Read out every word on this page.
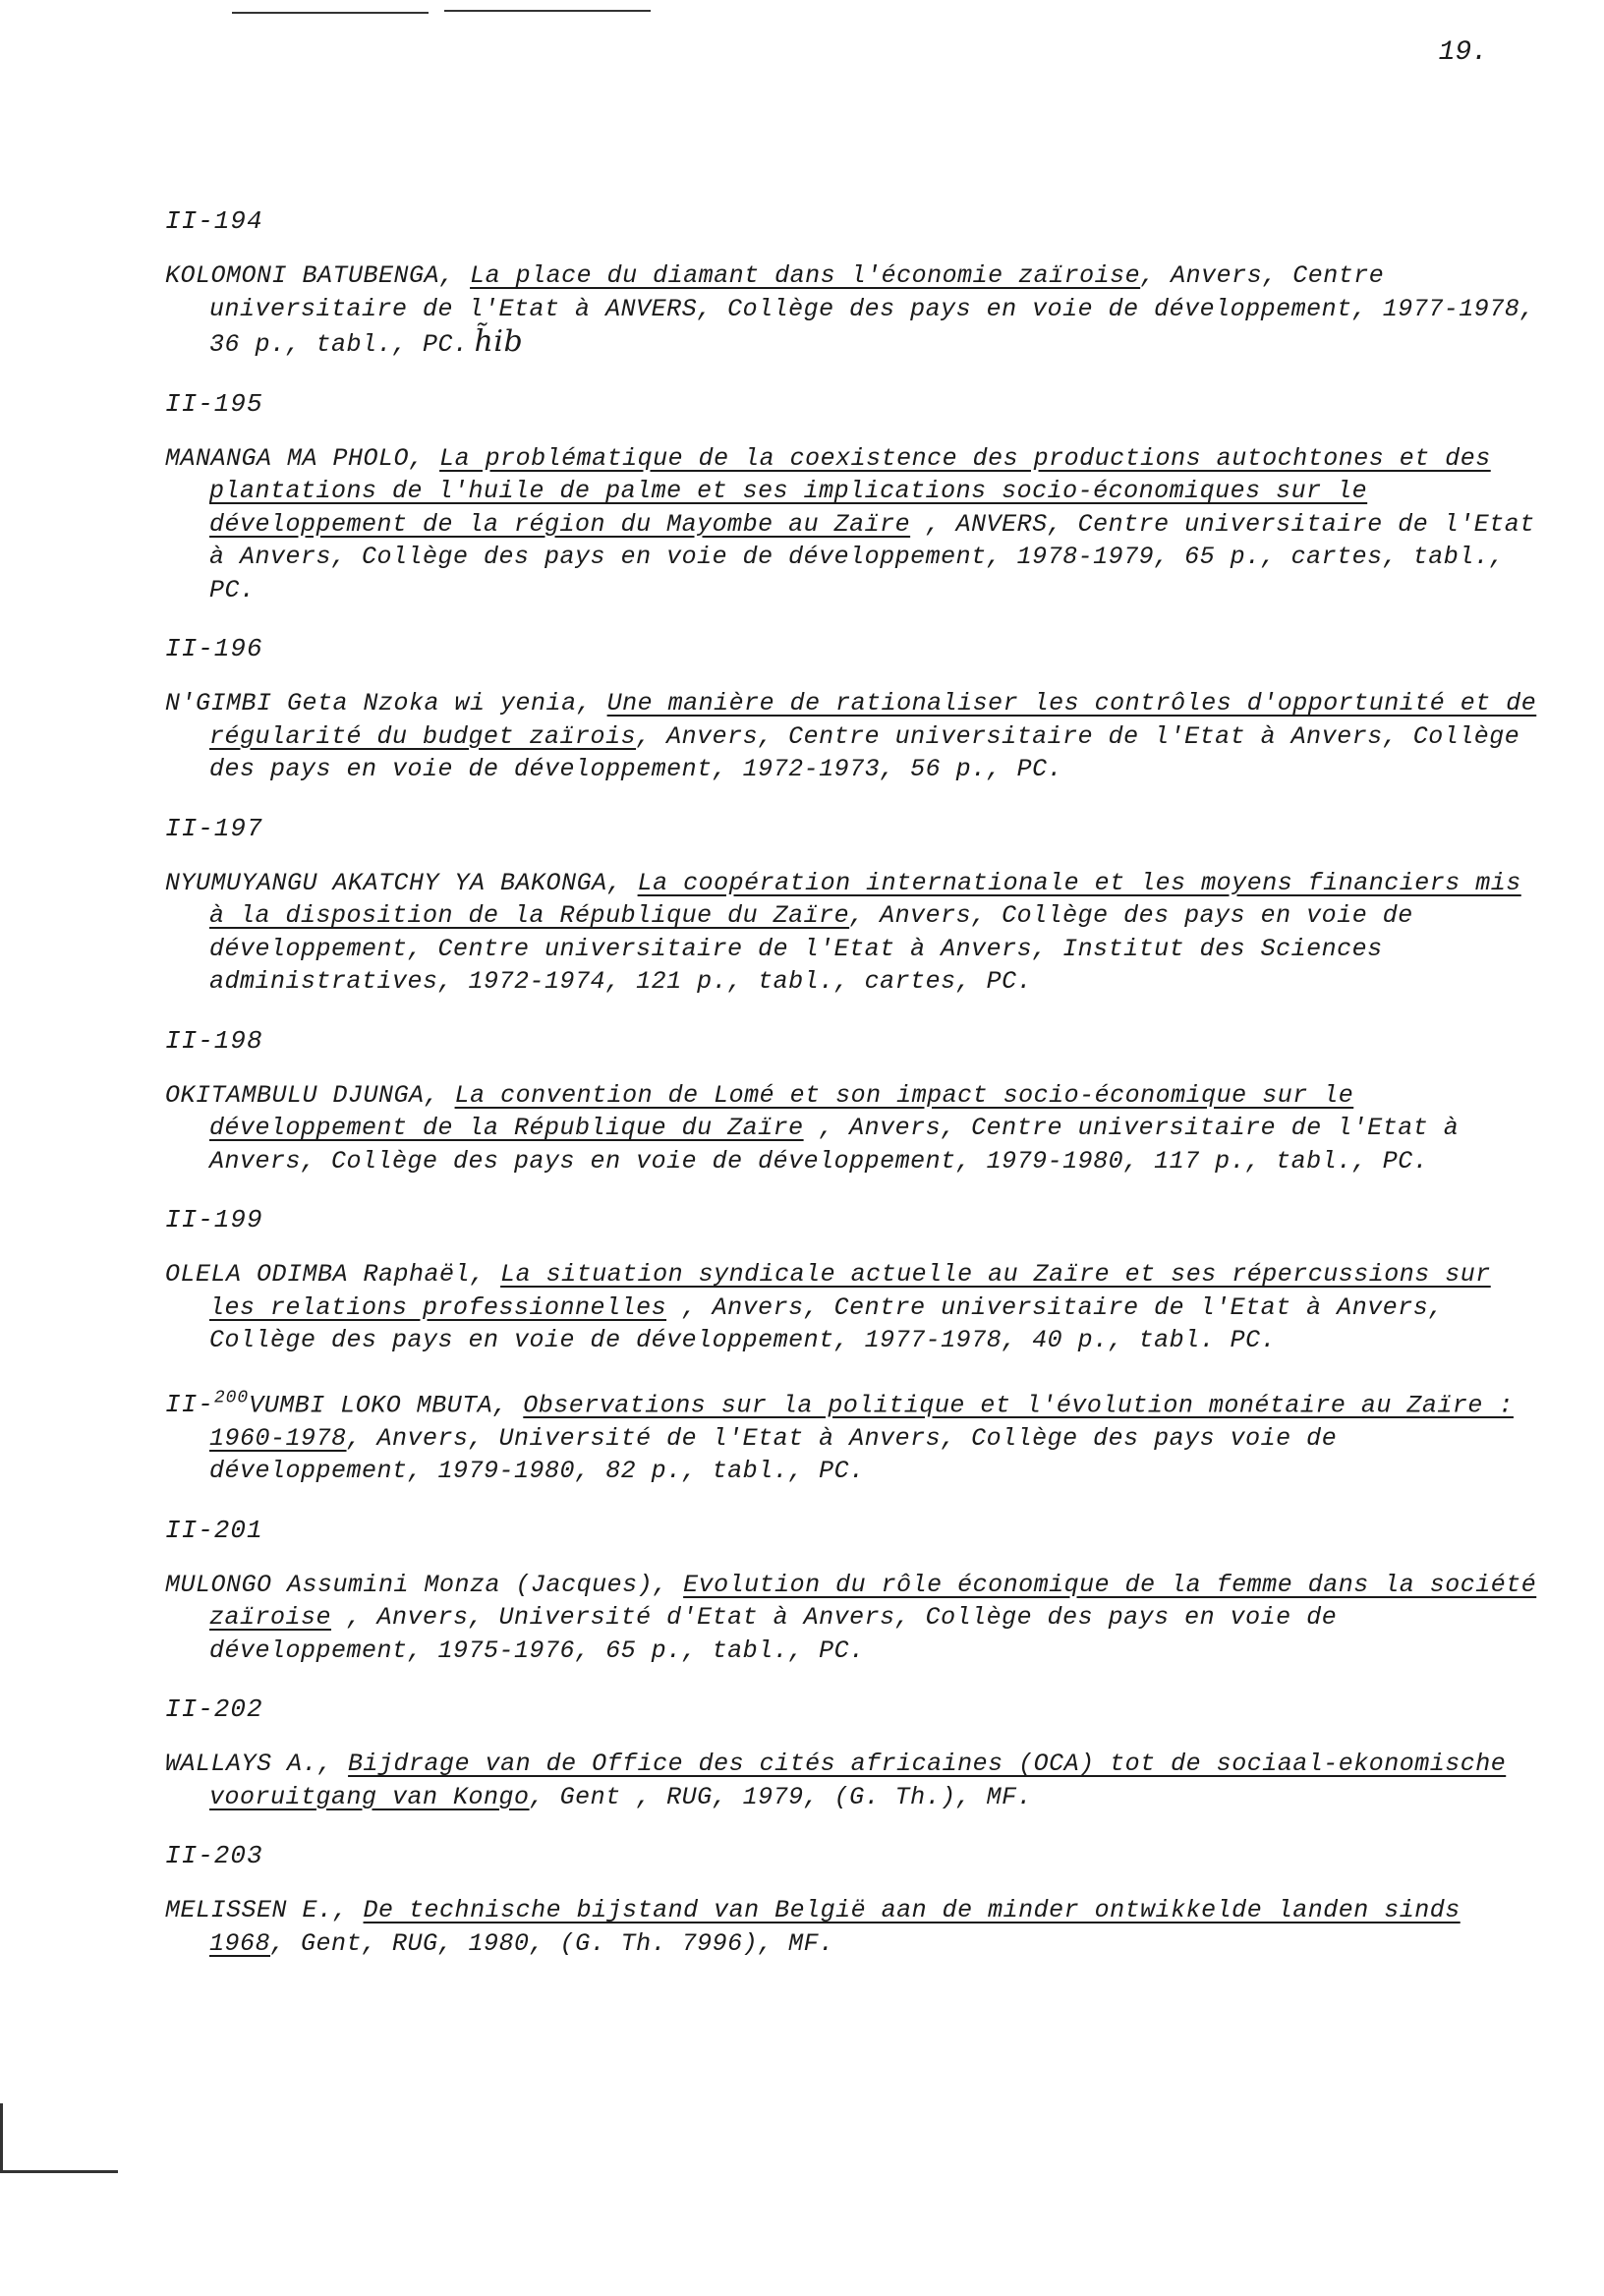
19.
II-194
KOLOMONI BATUBENGA, La place du diamant dans l'économie zaïroise, Anvers, Centre universitaire de l'Etat à ANVERS, Collège des pays en voie de développement, 1977-1978, 36 p., tabl., PC. h̃ib
II-195
MANANGA MA PHOLO, La problématique de la coexistence des productions autochtones et des plantations de l'huile de palme et ses implications socio-économiques sur le développement de la région du Mayombe au Zaïre , ANVERS, Centre universitaire de l'Etat à Anvers, Collège des pays en voie de développement, 1978-1979, 65 p., cartes, tabl., PC.
II-196
N'GIMBI Geta Nzoka wi yenia, Une manière de rationaliser les contrôles d'opportunité et de régularité du budget zaïrois, Anvers, Centre universitaire de l'Etat à Anvers, Collège des pays en voie de développement, 1972-1973, 56 p., PC.
II-197
NYUMUYANGU AKATCHY YA BAKONGA, La coopération internationale et les moyens financiers mis à la disposition de la République du Zaïre, Anvers, Collège des pays en voie de développement, Centre universitaire de l'Etat à Anvers, Institut des Sciences administratives, 1972-1974, 121 p., tabl., cartes, PC.
II-198
OKITAMBULU DJUNGA, La convention de Lomé et son impact socio-économique sur le développement de la République du Zaïre , Anvers, Centre universitaire de l'Etat à Anvers, Collège des pays en voie de développement, 1979-1980, 117 p., tabl., PC.
II-199
OLELA ODIMBA Raphaël, La situation syndicale actuelle au Zaïre et ses répercussions sur les relations professionnelles , Anvers, Centre universitaire de l'Etat à Anvers, Collège des pays en voie de développement, 1977-1978, 40 p., tabl. PC.
II-$^{200}$VUMBI LOKO MBUTA, Observations sur la politique et l'évolution monétaire au Zaïre : 1960-1978, Anvers, Université de l'Etat à Anvers, Collège des pays voie de développement, 1979-1980, 82 p., tabl., PC.
II-201
MULONGO Assumini Monza (Jacques), Evolution du rôle économique de la femme dans la société zaïroise , Anvers, Université d'Etat à Anvers, Collège des pays en voie de développement, 1975-1976, 65 p., tabl., PC.
II-202
WALLAYS A., Bijdrage van de Office des cités africaines (OCA) tot de sociaal-ekonomische vooruitgang van Kongo, Gent , RUG, 1979, (G. Th.), MF.
II-203
MELISSEN E., De technische bijstand van België aan de minder ontwikkelde landen sinds 1968, Gent, RUG, 1980, (G. Th. 7996), MF.
